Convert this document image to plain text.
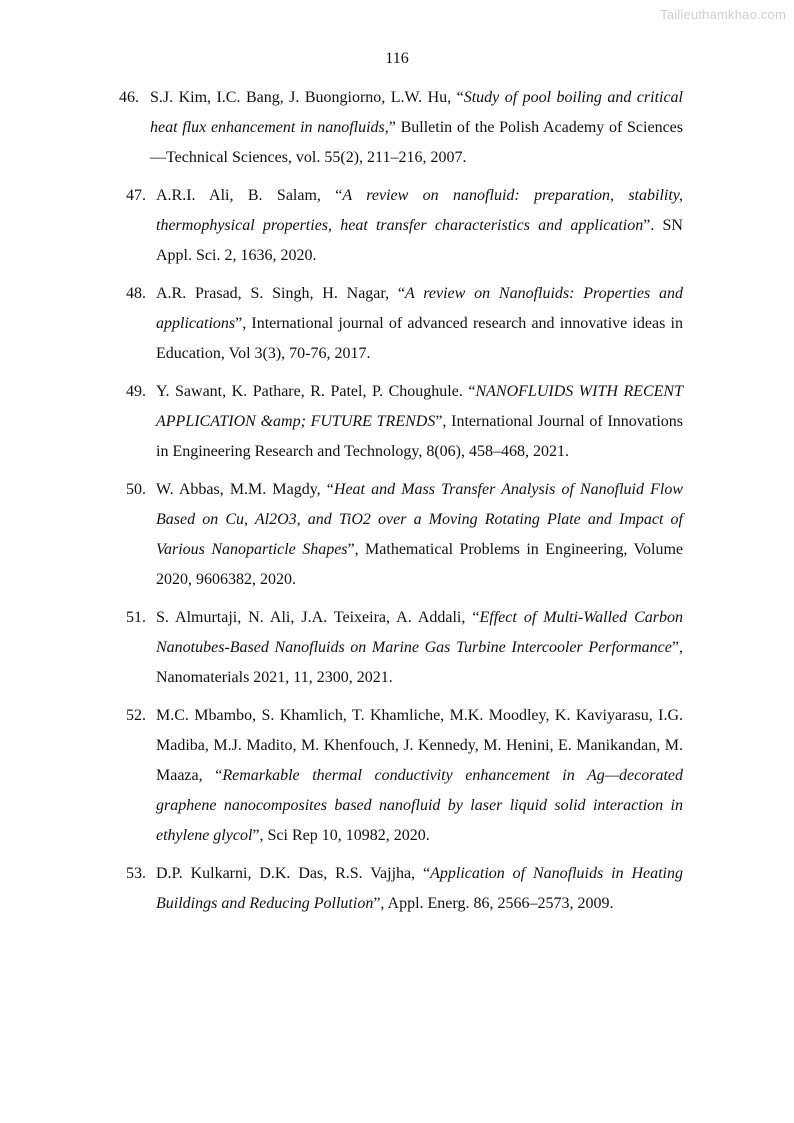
Tailieuthamkhao.com
116
46. S.J. Kim, I.C. Bang, J. Buongiorno, L.W. Hu, “Study of pool boiling and critical heat flux enhancement in nanofluids,” Bulletin of the Polish Academy of Sciences—Technical Sciences, vol. 55(2), 211–216, 2007.
47. A.R.I. Ali, B. Salam, “A review on nanofluid: preparation, stability, thermophysical properties, heat transfer characteristics and application”. SN Appl. Sci. 2, 1636, 2020.
48. A.R. Prasad, S. Singh, H. Nagar, “A review on Nanofluids: Properties and applications”, International journal of advanced research and innovative ideas in Education, Vol 3(3), 70-76, 2017.
49. Y. Sawant, K. Pathare, R. Patel, P. Choughule. “NANOFLUIDS WITH RECENT APPLICATION &amp; FUTURE TRENDS”, International Journal of Innovations in Engineering Research and Technology, 8(06), 458–468, 2021.
50. W. Abbas, M.M. Magdy, “Heat and Mass Transfer Analysis of Nanofluid Flow Based on Cu, Al2O3, and TiO2 over a Moving Rotating Plate and Impact of Various Nanoparticle Shapes”, Mathematical Problems in Engineering, Volume 2020, 9606382, 2020.
51. S. Almurtaji, N. Ali, J.A. Teixeira, A. Addali, “Effect of Multi-Walled Carbon Nanotubes-Based Nanofluids on Marine Gas Turbine Intercooler Performance”, Nanomaterials 2021, 11, 2300, 2021.
52. M.C. Mbambo, S. Khamlich, T. Khamliche, M.K. Moodley, K. Kaviyarasu, I.G. Madiba, M.J. Madito, M. Khenfouch, J. Kennedy, M. Henini, E. Manikandan, M. Maaza, “Remarkable thermal conductivity enhancement in Ag—decorated graphene nanocomposites based nanofluid by laser liquid solid interaction in ethylene glycol”, Sci Rep 10, 10982, 2020.
53. D.P. Kulkarni, D.K. Das, R.S. Vajjha, “Application of Nanofluids in Heating Buildings and Reducing Pollution”, Appl. Energ. 86, 2566–2573, 2009.
